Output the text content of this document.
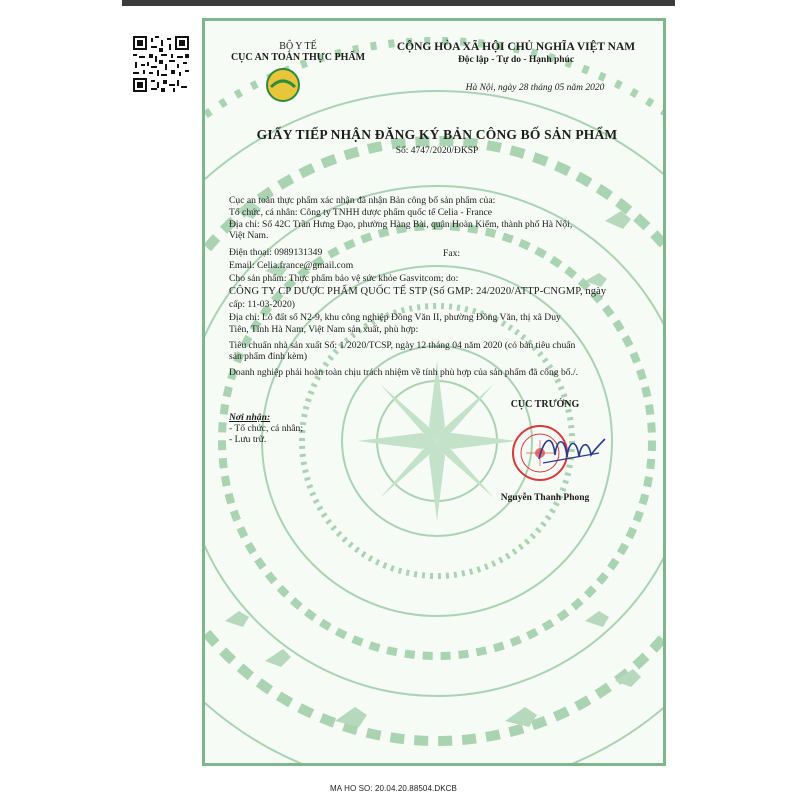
BỘ Y TẾ
CỤC AN TOÀN THỰC PHẨM
CỘNG HÒA XÃ HỘI CHỦ NGHĨA VIỆT NAM
Độc lập - Tự do - Hạnh phúc
Hà Nội, ngày 28 tháng 05 năm 2020
GIẤY TIẾP NHẬN ĐĂNG KÝ BẢN CÔNG BỐ SẢN PHẨM
Số: 4747/2020/ĐKSP
Cục an toàn thực phẩm xác nhận đã nhận Bản công bố sản phẩm của:
Tổ chức, cá nhân: Công ty TNHH dược phẩm quốc tế Celia - France
Địa chỉ: Số 42C Trần Hưng Đạo, phường Hàng Bài, quận Hoàn Kiếm, thành phố Hà Nội,
Việt Nam.
Điện thoại: 0989131349	Fax:
Email: Celia.france@gmail.com
Cho sản phẩm: Thực phẩm bảo vệ sức khỏe Gasvitcom; do:
CÔNG TY CP DƯỢC PHẨM QUỐC TẾ STP (Số GMP: 24/2020/ATTP-CNGMP, ngày
cấp: 11-03-2020)
Địa chỉ: Lô đất số N2-9, khu công nghiệp Đồng Văn II, phường Đồng Văn, thị xã Duy
Tiên, Tỉnh Hà Nam, Việt Nam sản xuất, phù hợp:
Tiêu chuẩn nhà sản xuất Số: 1/2020/TCSP, ngày 12 tháng 04 năm 2020 (có bản tiêu chuẩn
sản phẩm đính kèm)
Doanh nghiệp phải hoàn toàn chịu trách nhiệm về tính phù hợp của sản phẩm đã công bố./.
Nơi nhận:
- Tổ chức, cá nhân;
- Lưu trữ.
CỤC TRƯỞNG
Nguyễn Thanh Phong
MA HO SO: 20.04.20.88504.DKCB
